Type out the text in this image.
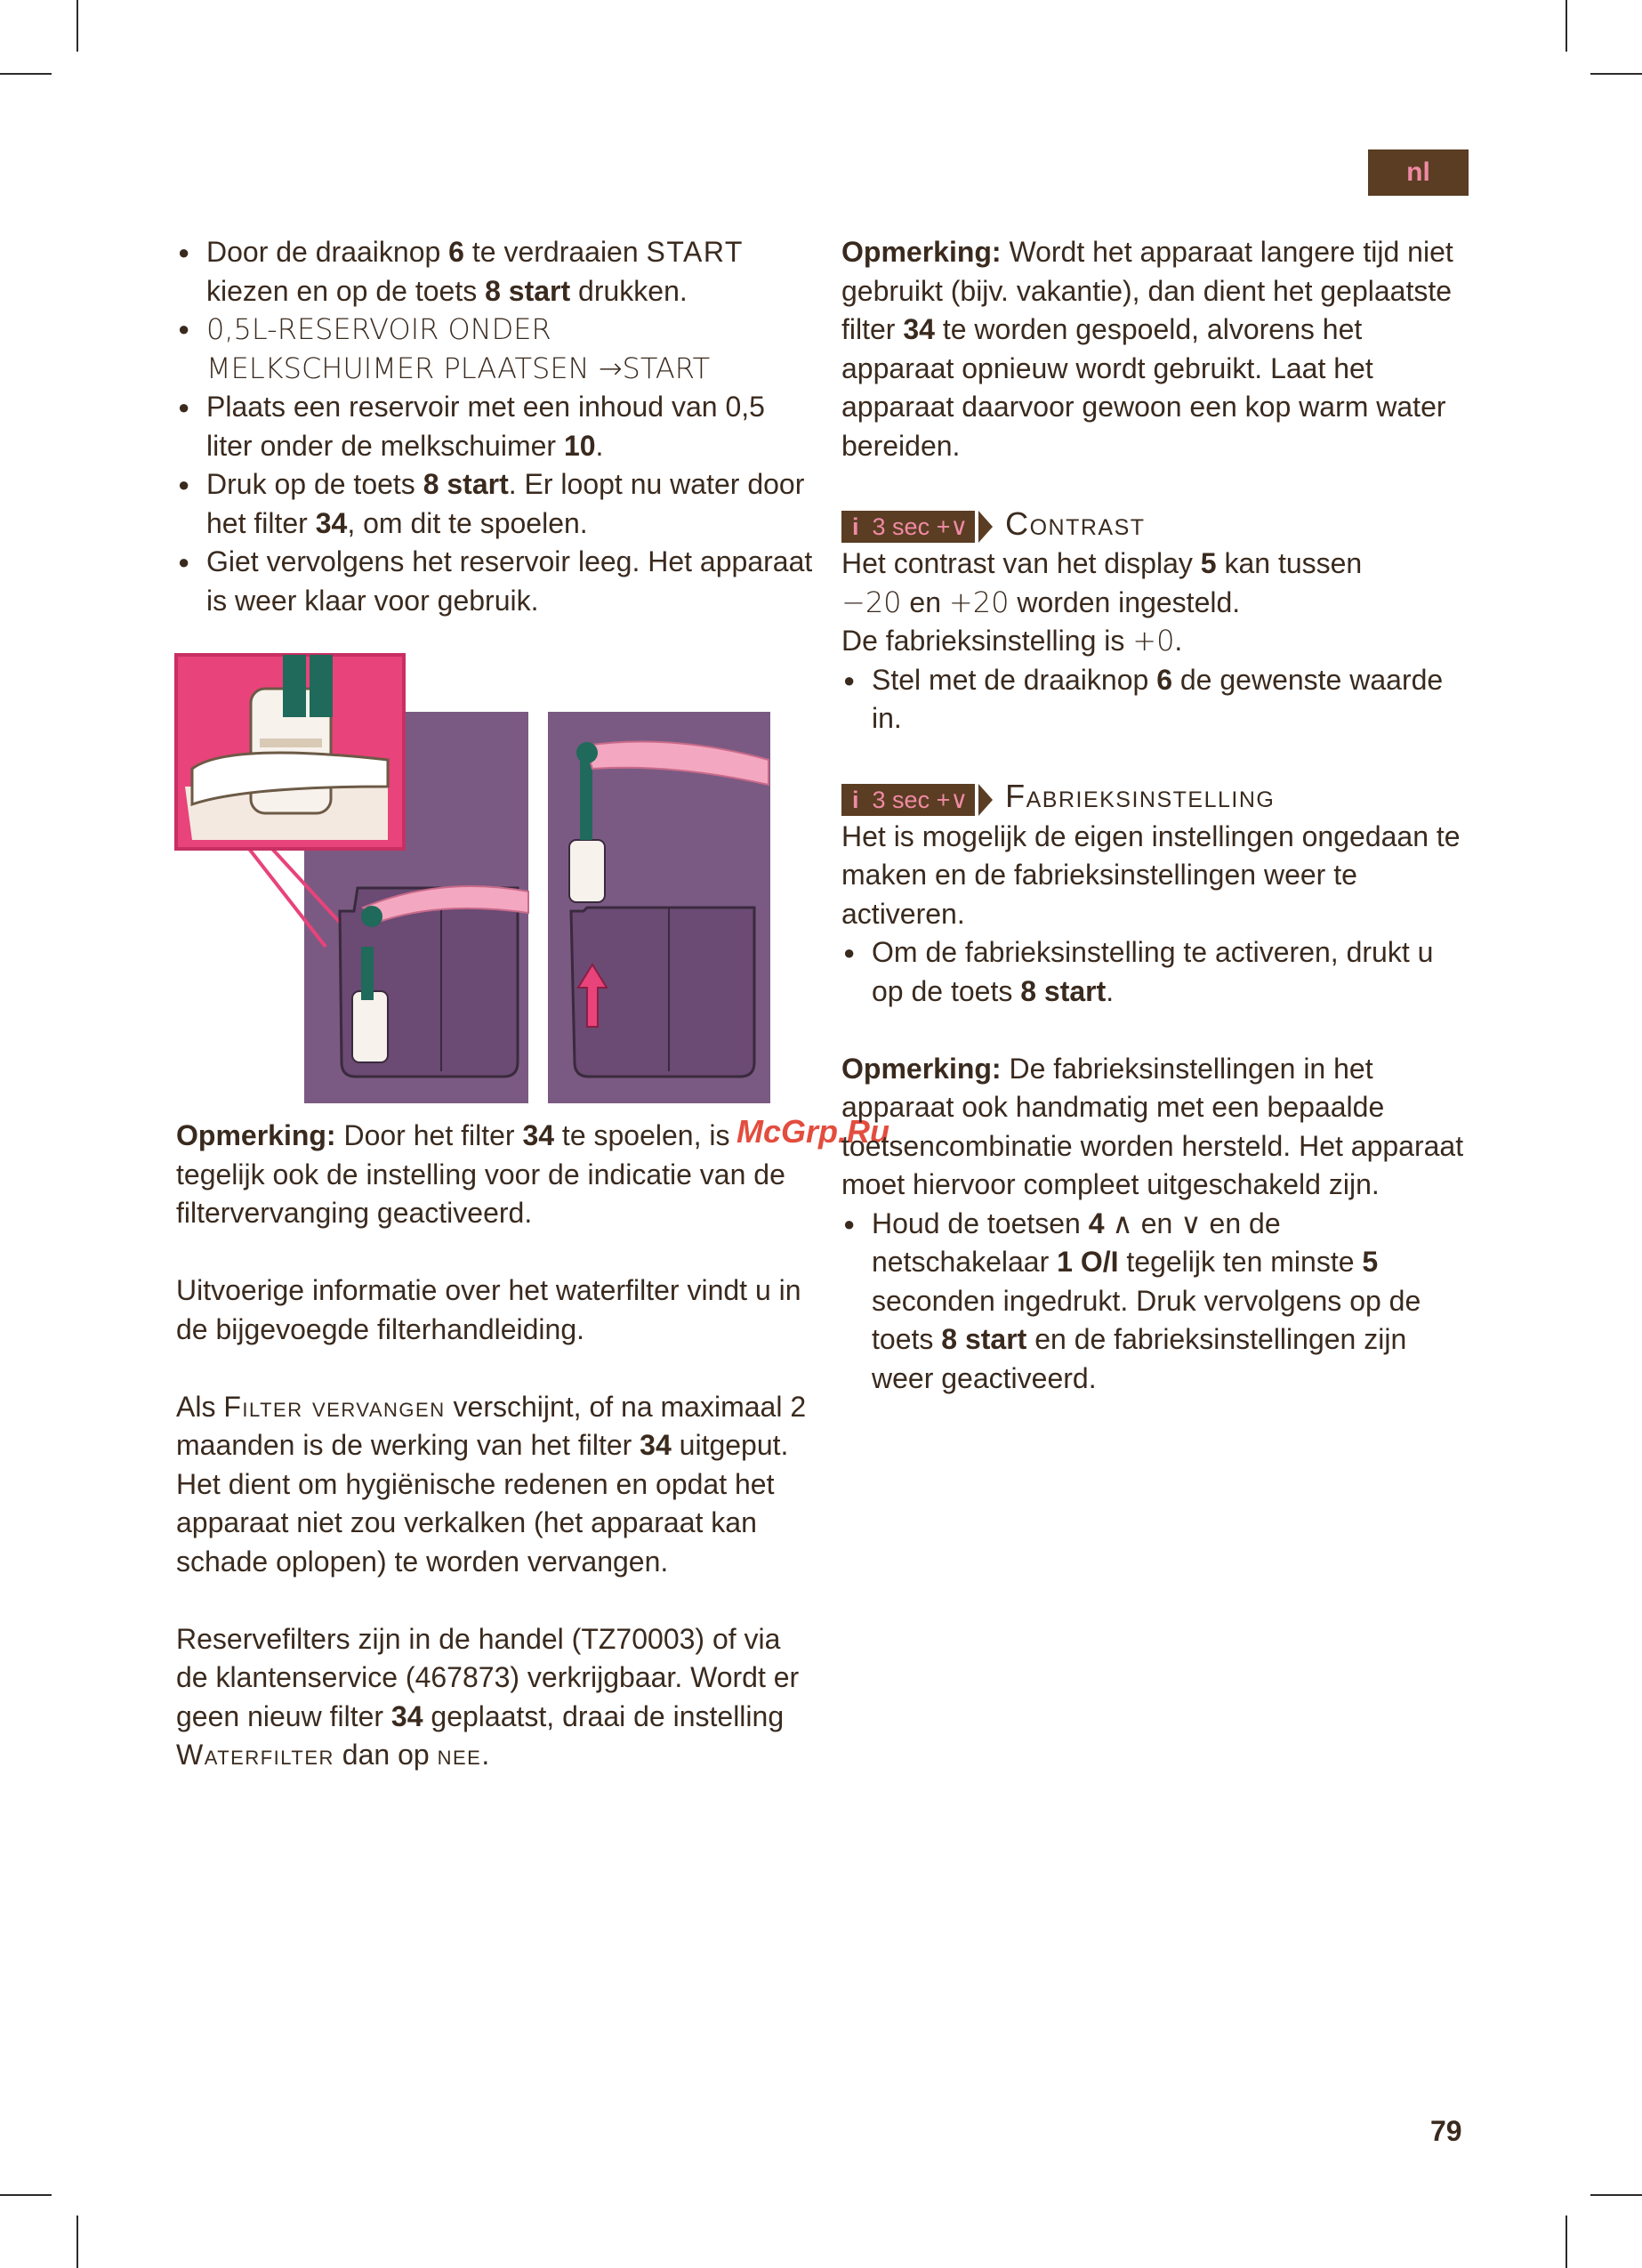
nl

● Door de draaiknop 6 te verdraaien START kiezen en op de toets 8 start drukken.

● 0,5L-RESERVOIR ONDER
MELKSCHUIMER PLAATSEN →START

● Plaats een reservoir met een inhoud van 0,5 liter onder de melkschuimer 10.

● Druk op de toets 8 start. Er loopt nu water door het filter 34, om dit te spoelen.

● Giet vervolgens het reservoir leeg. Het apparaat is weer klaar voor gebruik.

McGrp.Ru

Opmerking: Door het filter 34 te spoelen, is tegelijk ook de instelling voor de indicatie van de filtervervanging geactiveerd.

Uitvoerige informatie over het waterfilter vindt u in de bijgevoegde filterhandleiding.

Als Filter vervangen verschijnt, of na maximaal 2 maanden is de werking van het filter 34 uitgeput. Het dient om hygiënische redenen en opdat het apparaat niet zou verkalken (het apparaat kan schade oplopen) te worden vervangen.

Reservefilters zijn in de handel (TZ70003) of via de klantenservice (467873) verkrijgbaar. Wordt er geen nieuw filter 34 geplaatst, draai de instelling Waterfilter dan op nee.

Opmerking: Wordt het apparaat langere tijd niet gebruikt (bijv. vakantie), dan dient het geplaatste filter 34 te worden gespoeld, alvorens het apparaat opnieuw wordt gebruikt. Laat het apparaat daarvoor gewoon een kop warm water bereiden.

i 3 sec +∨ Contrast

Het contrast van het display 5 kan tussen
−20 en +20 worden ingesteld.
De fabrieksinstelling is +0.

● Stel met de draaiknop 6 de gewenste waarde in.

i 3 sec +∨ Fabrieksinstelling

Het is mogelijk de eigen instellingen ongedaan te maken en de fabrieksinstellingen weer te activeren.

● Om de fabrieksinstelling te activeren, drukt u op de toets 8 start.

Opmerking: De fabrieksinstellingen in het apparaat ook handmatig met een bepaalde toetsencombinatie worden hersteld. Het apparaat moet hiervoor compleet uitgeschakeld zijn.

● Houd de toetsen 4 ∧ en ∨ en de netschakelaar 1 O/I tegelijk ten minste 5 seconden ingedrukt. Druk vervolgens op de toets 8 start en de fabrieksinstellingen zijn weer geactiveerd.

79
